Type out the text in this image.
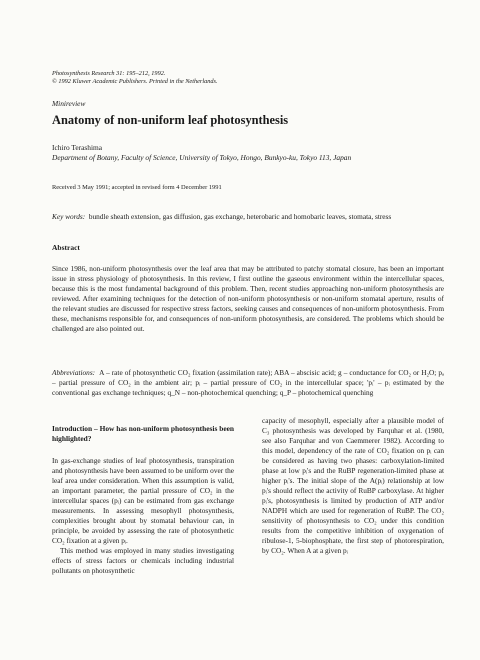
Photosynthesis Research 31: 195–212, 1992.
© 1992 Kluwer Academic Publishers. Printed in the Netherlands.
Minireview
Anatomy of non-uniform leaf photosynthesis
Ichiro Terashima
Department of Botany, Faculty of Science, University of Tokyo, Hongo, Bunkyo-ku, Tokyo 113, Japan
Received 3 May 1991; accepted in revised form 4 December 1991
Key words: bundle sheath extension, gas diffusion, gas exchange, heterobaric and homobaric leaves, stomata, stress
Abstract
Since 1986, non-uniform photosynthesis over the leaf area that may be attributed to patchy stomatal closure, has been an important issue in stress physiology of photosynthesis. In this review, I first outline the gaseous environment within the intercellular spaces, because this is the most fundamental background of this problem. Then, recent studies approaching non-uniform photosynthesis are reviewed. After examining techniques for the detection of non-uniform photosynthesis or non-uniform stomatal aperture, results of the relevant studies are discussed for respective stress factors, seeking causes and consequences of non-uniform photosynthesis. From these, mechanisms responsible for, and consequences of non-uniform photosynthesis, are considered. The problems which should be challenged are also pointed out.
Abbreviations: A – rate of photosynthetic CO₂ fixation (assimilation rate); ABA – abscisic acid; g – conductance for CO₂ or H₂O; pₐ – partial pressure of CO₂ in the ambient air; pᵢ – partial pressure of CO₂ in the intercellular space; 'pᵢ' – pᵢ estimated by the conventional gas exchange techniques; q_N – non-photochemical quenching; q_P – photochemical quenching
Introduction – How has non-uniform photosynthesis been highlighted?

In gas-exchange studies of leaf photosynthesis, transpiration and photosynthesis have been assumed to be uniform over the leaf area under consideration. When this assumption is valid, an important parameter, the partial pressure of CO₂ in the intercellular spaces (pᵢ) can be estimated from gas exchange measurements. In assessing mesophyll photosynthesis, complexities brought about by stomatal behaviour can, in principle, be avoided by assessing the rate of photosynthetic CO₂ fixation at a given pᵢ.

This method was employed in many studies investigating effects of stress factors or chemicals including industrial pollutants on photosynthetic

capacity of mesophyll, especially after a plausible model of C₃ photosynthesis was developed by Farquhar et al. (1980, see also Farquhar and von Caemmerer 1982). According to this model, dependency of the rate of CO₂ fixation on pᵢ can be considered as having two phases: carboxylation-limited phase at low pᵢ's and the RuBP regeneration-limited phase at higher pᵢ's. The initial slope of the A(pᵢ) relationship at low pᵢ's should reflect the activity of RuBP carboxylase. At higher pᵢ's, photosynthesis is limited by production of ATP and/or NADPH which are used for regeneration of RuBP. The CO₂ sensitivity of photosynthesis to CO₂ under this condition results from the competitive inhibition of oxygenation of ribulose-1, 5-biophosphate, the first step of photorespiration, by CO₂. When A at a given pᵢ
